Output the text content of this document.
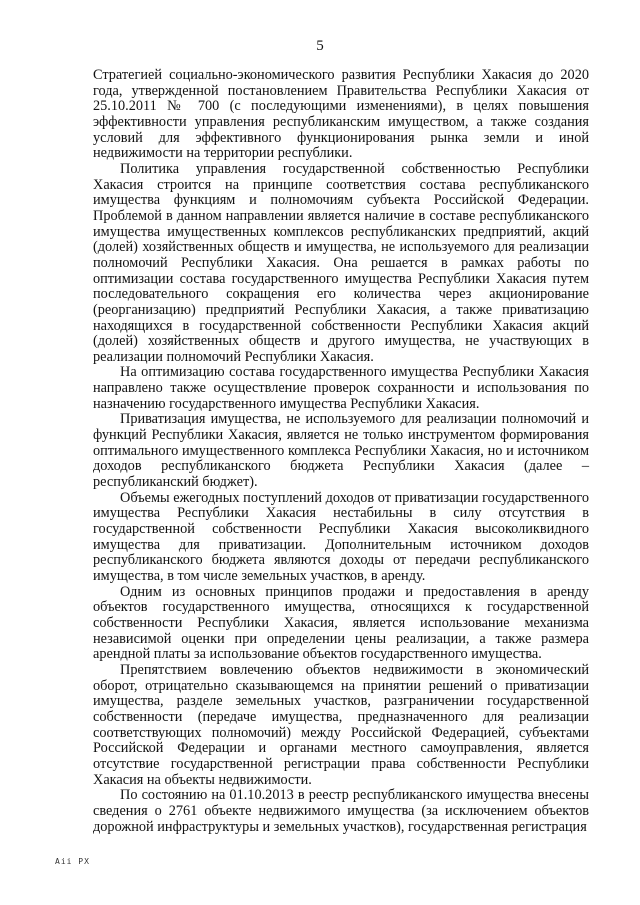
5

Стратегией социально-экономического развития Республики Хакасия до 2020 года, утвержденной постановлением Правительства Республики Хакасия от 25.10.2011 № 700 (с последующими изменениями), в целях повышения эффективности управления республиканским имуществом, а также создания условий для эффективного функционирования рынка земли и иной недвижимости на территории республики.

Политика управления государственной собственностью Республики Хакасия строится на принципе соответствия состава республиканского имущества функциям и полномочиям субъекта Российской Федерации. Проблемой в данном направлении является наличие в составе республиканского имущества имущественных комплексов республиканских предприятий, акций (долей) хозяйственных обществ и имущества, не используемого для реализации полномочий Республики Хакасия. Она решается в рамках работы по оптимизации состава государственного имущества Республики Хакасия путем последовательного сокращения его количества через акционирование (реорганизацию) предприятий Республики Хакасия, а также приватизацию находящихся в государственной собственности Республики Хакасия акций (долей) хозяйственных обществ и другого имущества, не участвующих в реализации полномочий Республики Хакасия.

На оптимизацию состава государственного имущества Республики Хакасия направлено также осуществление проверок сохранности и использования по назначению государственного имущества Республики Хакасия.

Приватизация имущества, не используемого для реализации полномочий и функций Республики Хакасия, является не только инструментом формирования оптимального имущественного комплекса Республики Хакасия, но и источником доходов республиканского бюджета Республики Хакасия (далее – республиканский бюджет).

Объемы ежегодных поступлений доходов от приватизации государственного имущества Республики Хакасия нестабильны в силу отсутствия в государственной собственности Республики Хакасия высоколиквидного имущества для приватизации. Дополнительным источником доходов республиканского бюджета являются доходы от передачи республиканского имущества, в том числе земельных участков, в аренду.

Одним из основных принципов продажи и предоставления в аренду объектов государственного имущества, относящихся к государственной собственности Республики Хакасия, является использование механизма независимой оценки при определении цены реализации, а также размера арендной платы за использование объектов государственного имущества.

Препятствием вовлечению объектов недвижимости в экономический оборот, отрицательно сказывающемся на принятии решений о приватизации имущества, разделе земельных участков, разграничении государственной собственности (передаче имущества, предназначенного для реализации соответствующих полномочий) между Российской Федерацией, субъектами Российской Федерации и органами местного самоуправления, является отсутствие государственной регистрации права собственности Республики Хакасия на объекты недвижимости.

По состоянию на 01.10.2013 в реестр республиканского имущества внесены сведения о 2761 объекте недвижимого имущества (за исключением объектов дорожной инфраструктуры и земельных участков), государственная регистрация

Aii PX
